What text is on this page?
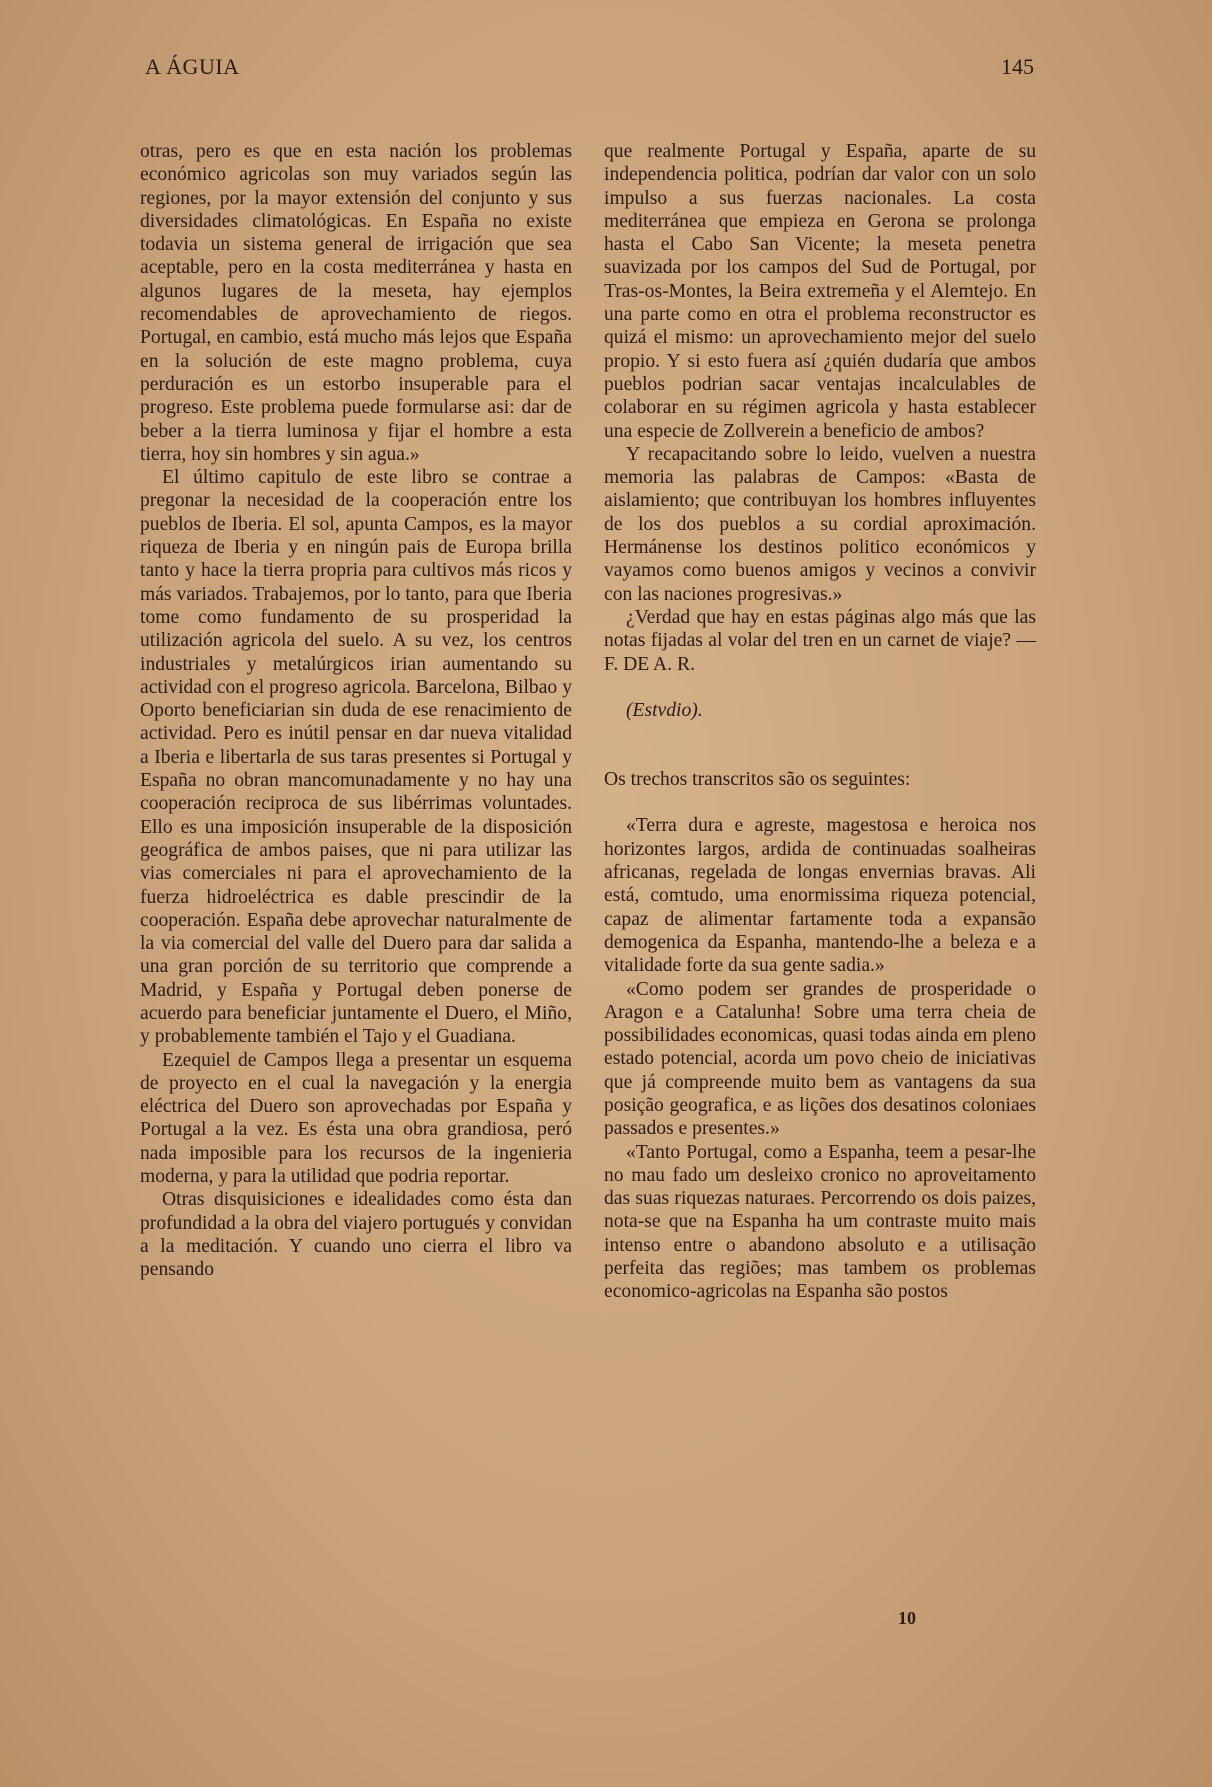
A ÁGUIA	145

otras, pero es que en esta nación los problemas económico agricolas son muy variados según las regiones, por la mayor extensión del conjunto y sus diversidades climatológicas. En España no existe todavia un sistema general de irrigación que sea aceptable, pero en la costa mediterránea y hasta en algunos lugares de la meseta, hay ejemplos recomendables de aprovechamiento de riegos. Portugal, en cambio, está mucho más lejos que España en la solución de este magno problema, cuya perduración es un estorbo insuperable para el progreso. Este problema puede formularse asi: dar de beber a la tierra luminosa y fijar el hombre a esta tierra, hoy sin hombres y sin agua.»

El último capitulo de este libro se contrae a pregonar la necesidad de la cooperación entre los pueblos de Iberia. El sol, apunta Campos, es la mayor riqueza de Iberia y en ningún pais de Europa brilla tanto y hace la tierra propria para cultivos más ricos y más variados. Trabajemos, por lo tanto, para que Iberia tome como fundamento de su prosperidad la utilización agricola del suelo. A su vez, los centros industriales y metalúrgicos irian aumentando su actividad con el progreso agricola. Barcelona, Bilbao y Oporto beneficiarian sin duda de ese renacimiento de actividad. Pero es inútil pensar en dar nueva vitalidad a Iberia e libertarla de sus taras presentes si Portugal y España no obran mancomunadamente y no hay una cooperación reciproca de sus libérrimas voluntades. Ello es una imposición insuperable de la disposición geográfica de ambos paises, que ni para utilizar las vias comerciales ni para el aprovechamiento de la fuerza hidroeléctrica es dable prescindir de la cooperación. España debe aprovechar naturalmente de la via comercial del valle del Duero para dar salida a una gran porción de su territorio que comprende a Madrid, y España y Portugal deben ponerse de acuerdo para beneficiar juntamente el Duero, el Miño, y probablemente también el Tajo y el Guadiana.

Ezequiel de Campos llega a presentar un esquema de proyecto en el cual la navegación y la energia eléctrica del Duero son aprovechadas por España y Portugal a la vez. Es ésta una obra grandiosa, peró nada imposible para los recursos de la ingenieria moderna, y para la utilidad que podria reportar.

Otras disquisiciones e idealidades como ésta dan profundidad a la obra del viajero portugués y convidan a la meditación. Y cuando uno cierra el libro va pensando

que realmente Portugal y España, aparte de su independencia politica, podrían dar valor con un solo impulso a sus fuerzas nacionales. La costa mediterránea que empieza en Gerona se prolonga hasta el Cabo San Vicente; la meseta penetra suavizada por los campos del Sud de Portugal, por Tras-os-Montes, la Beira extremeña y el Alemtejo. En una parte como en otra el problema reconstructor es quizá el mismo: un aprovechamiento mejor del suelo propio. Y si esto fuera así ¿quién dudaría que ambos pueblos podrian sacar ventajas incalculables de colaborar en su régimen agricola y hasta establecer una especie de Zollverein a beneficio de ambos?

Y recapacitando sobre lo leido, vuelven a nuestra memoria las palabras de Campos: «Basta de aislamiento; que contribuyan los hombres influyentes de los dos pueblos a su cordial aproximación. Hermánense los destinos politico económicos y vayamos como buenos amigos y vecinos a convivir con las naciones progresivas.»

¿Verdad que hay en estas páginas algo más que las notas fijadas al volar del tren en un carnet de viaje? — F. DE A. R.

(Estvdio).

Os trechos transcritos são os seguintes:

«Terra dura e agreste, magestosa e heroica nos horizontes largos, ardida de continuadas soalheiras africanas, regelada de longas envernias bravas. Ali está, comtudo, uma enormissima riqueza potencial, capaz de alimentar fartamente toda a expansão demogenica da Espanha, mantendo-lhe a beleza e a vitalidade forte da sua gente sadia.»

«Como podem ser grandes de prosperidade o Aragon e a Catalunha! Sobre uma terra cheia de possibilidades economicas, quasi todas ainda em pleno estado potencial, acorda um povo cheio de iniciativas que já compreende muito bem as vantagens da sua posição geografica, e as lições dos desatinos coloniaes passados e presentes.»

«Tanto Portugal, como a Espanha, teem a pesar-lhe no mau fado um desleixo cronico no aproveitamento das suas riquezas naturaes. Percorrendo os dois paizes, nota-se que na Espanha ha um contraste muito mais intenso entre o abandono absoluto e a utilisação perfeita das regiões; mas tambem os problemas economico-agricolas na Espanha são postos

10
